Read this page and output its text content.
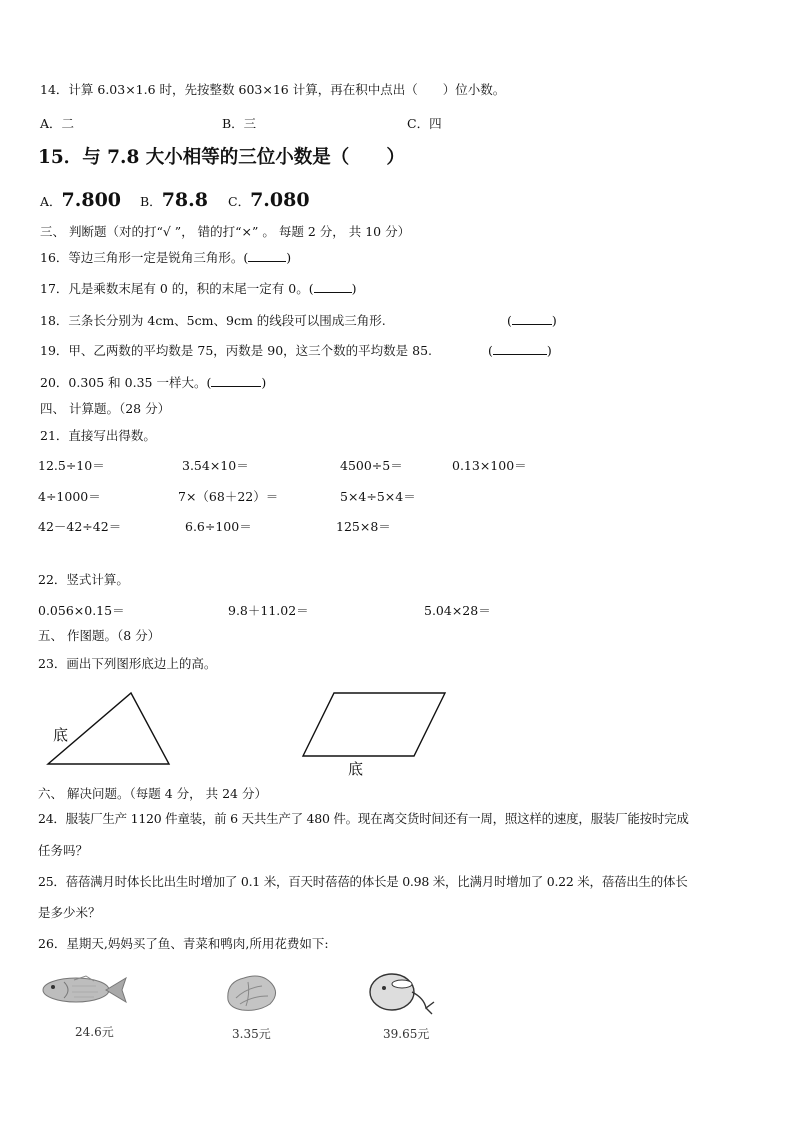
14．计算 6.03×1.6 时，先按整数 603×16 计算，再在积中点出（　　）位小数。
A．二	B．三	C．四
15．与 7.8 大小相等的三位小数是（　　）
A．7.800 B．78.8 C．7.080
三、 判断题（对的打“√ ”， 错的打“×” 。 每题 2 分， 共 10 分）
16．等边三角形一定是锐角三角形。(	)
17．凡是乘数末尾有 0 的，积的末尾一定有 0。(	)
18．三条长分别为 4cm、5cm、9cm 的线段可以围成三角形.	(	)
19．甲、乙两数的平均数是 75，丙数是 90，这三个数的平均数是 85.	(	)
20．0.305 和 0.35 一样大。(	)
四、 计算题。（28 分）
21．直接写出得数。
12.5÷10＝	3.54×10＝	4500÷5＝	0.13×100＝
4÷1000＝	7×（68＋22）＝	5×4÷5×4＝
42－42÷42＝	6.6÷100＝	125×8＝
22．竖式计算。
0.056×0.15＝	9.8＋11.02＝	5.04×28＝
五、 作图题。（8 分）
23．画出下列图形底边上的高。
底
底
六、 解决问题。（每题 4 分， 共 24 分）
24．服装厂生产 1120 件童装，前 6 天共生产了 480 件。现在离交货时间还有一周，照这样的速度，服装厂能按时完成
任务吗？
25．蓓蓓满月时体长比出生时增加了 0.1 米，百天时蓓蓓的体长是 0.98 米，比满月时增加了 0.22 米，蓓蓓出生的体长
是多少米？
26．星期天,妈妈买了鱼、青菜和鸭肉,所用花费如下:
24.6元	3.35元	39.65元
